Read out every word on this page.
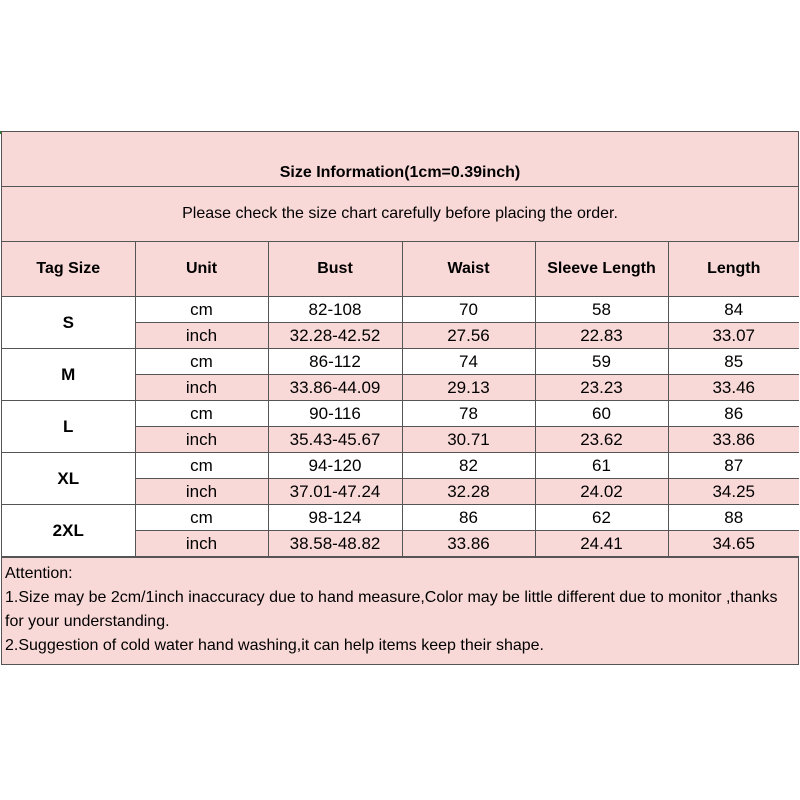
Size Information(1cm=0.39inch)
Please check the size chart carefully before placing the order.
Tag Size	Unit	Bust	Waist	Sleeve Length	Length
S	cm	82-108	70	58	84
	inch	32.28-42.52	27.56	22.83	33.07
M	cm	86-112	74	59	85
	inch	33.86-44.09	29.13	23.23	33.46
L	cm	90-116	78	60	86
	inch	35.43-45.67	30.71	23.62	33.86
XL	cm	94-120	82	61	87
	inch	37.01-47.24	32.28	24.02	34.25
2XL	cm	98-124	86	62	88
	inch	38.58-48.82	33.86	24.41	34.65
Attention:
1.Size may be 2cm/1inch inaccuracy due to hand measure,Color may be little different due to monitor ,thanks for your understanding.
2.Suggestion of cold water hand washing,it can help items keep their shape.
